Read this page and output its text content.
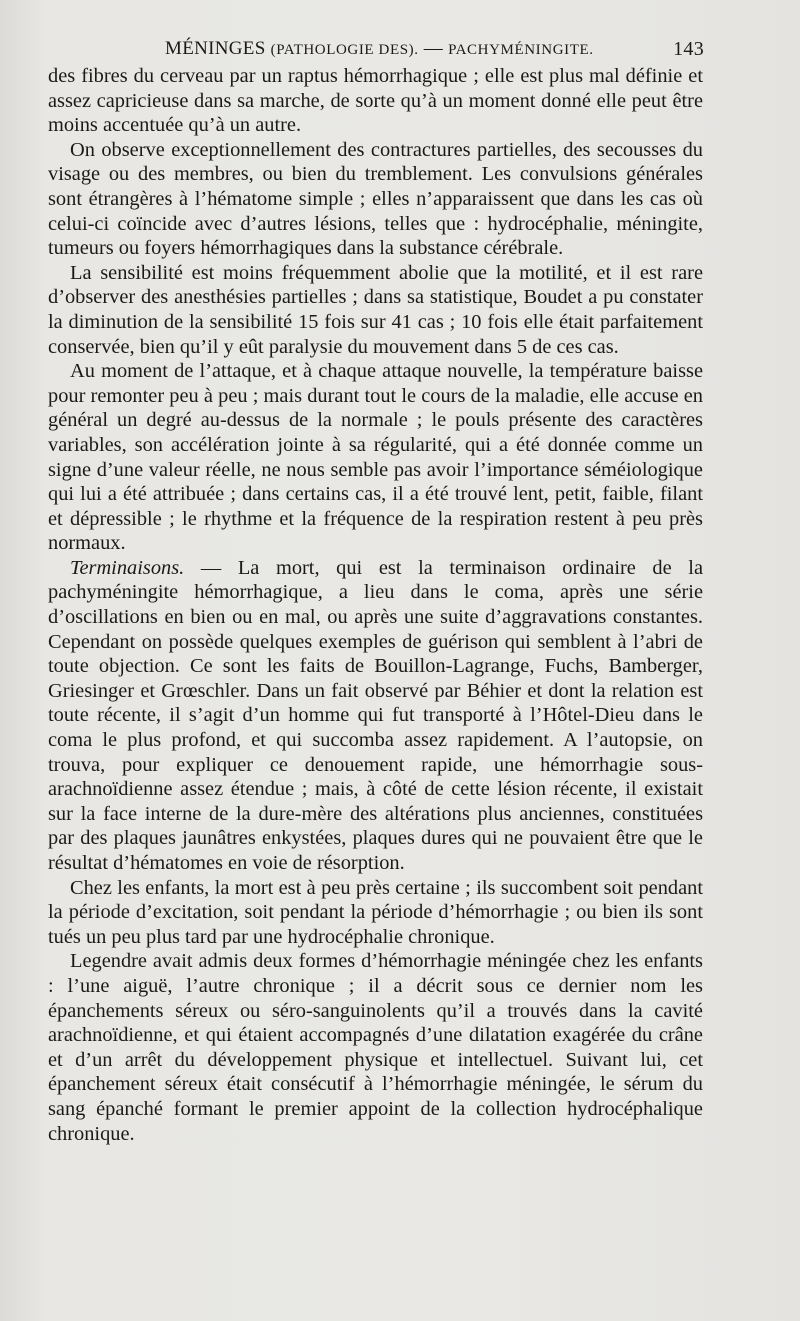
MÉNINGES (PATHOLOGIE DES). — PACHYMÉNINGITE.	143

des fibres du cerveau par un raptus hémorrhagique ; elle est plus mal définie et assez capricieuse dans sa marche, de sorte qu’à un moment donné elle peut être moins accentuée qu’à un autre.

On observe exceptionnellement des contractures partielles, des secousses du visage ou des membres, ou bien du tremblement. Les convulsions générales sont étrangères à l’hématome simple ; elles n’apparaissent que dans les cas où celui-ci coïncide avec d’autres lésions, telles que : hydrocéphalie, méningite, tumeurs ou foyers hémorrhagiques dans la substance cérébrale.

La sensibilité est moins fréquemment abolie que la motilité, et il est rare d’observer des anesthésies partielles ; dans sa statistique, Boudet a pu constater la diminution de la sensibilité 15 fois sur 41 cas ; 10 fois elle était parfaitement conservée, bien qu’il y eût paralysie du mouvement dans 5 de ces cas.

Au moment de l’attaque, et à chaque attaque nouvelle, la température baisse pour remonter peu à peu ; mais durant tout le cours de la maladie, elle accuse en général un degré au-dessus de la normale ; le pouls présente des caractères variables, son accélération jointe à sa régularité, qui a été donnée comme un signe d’une valeur réelle, ne nous semble pas avoir l’importance séméiologique qui lui a été attribuée ; dans certains cas, il a été trouvé lent, petit, faible, filant et dépressible ; le rhythme et la fréquence de la respiration restent à peu près normaux.

Terminaisons. — La mort, qui est la terminaison ordinaire de la pachyméningite hémorrhagique, a lieu dans le coma, après une série d’oscillations en bien ou en mal, ou après une suite d’aggravations constantes. Cependant on possède quelques exemples de guérison qui semblent à l’abri de toute objection. Ce sont les faits de Bouillon-Lagrange, Fuchs, Bamberger, Griesinger et Grœschler. Dans un fait observé par Béhier et dont la relation est toute récente, il s’agit d’un homme qui fut transporté à l’Hôtel-Dieu dans le coma le plus profond, et qui succomba assez rapidement. A l’autopsie, on trouva, pour expliquer ce denouement rapide, une hémorrhagie sous-arachnoïdienne assez étendue ; mais, à côté de cette lésion récente, il existait sur la face interne de la dure-mère des altérations plus anciennes, constituées par des plaques jaunâtres enkystées, plaques dures qui ne pouvaient être que le résultat d’hématomes en voie de résorption.

Chez les enfants, la mort est à peu près certaine ; ils succombent soit pendant la période d’excitation, soit pendant la période d’hémorrhagie ; ou bien ils sont tués un peu plus tard par une hydrocéphalie chronique.

Legendre avait admis deux formes d’hémorrhagie méningée chez les enfants : l’une aiguë, l’autre chronique ; il a décrit sous ce dernier nom les épanchements séreux ou séro-sanguinolents qu’il a trouvés dans la cavité arachnoïdienne, et qui étaient accompagnés d’une dilatation exagérée du crâne et d’un arrêt du développement physique et intellectuel. Suivant lui, cet épanchement séreux était consécutif à l’hémorrhagie méningée, le sérum du sang épanché formant le premier appoint de la collection hydrocéphalique chronique.
